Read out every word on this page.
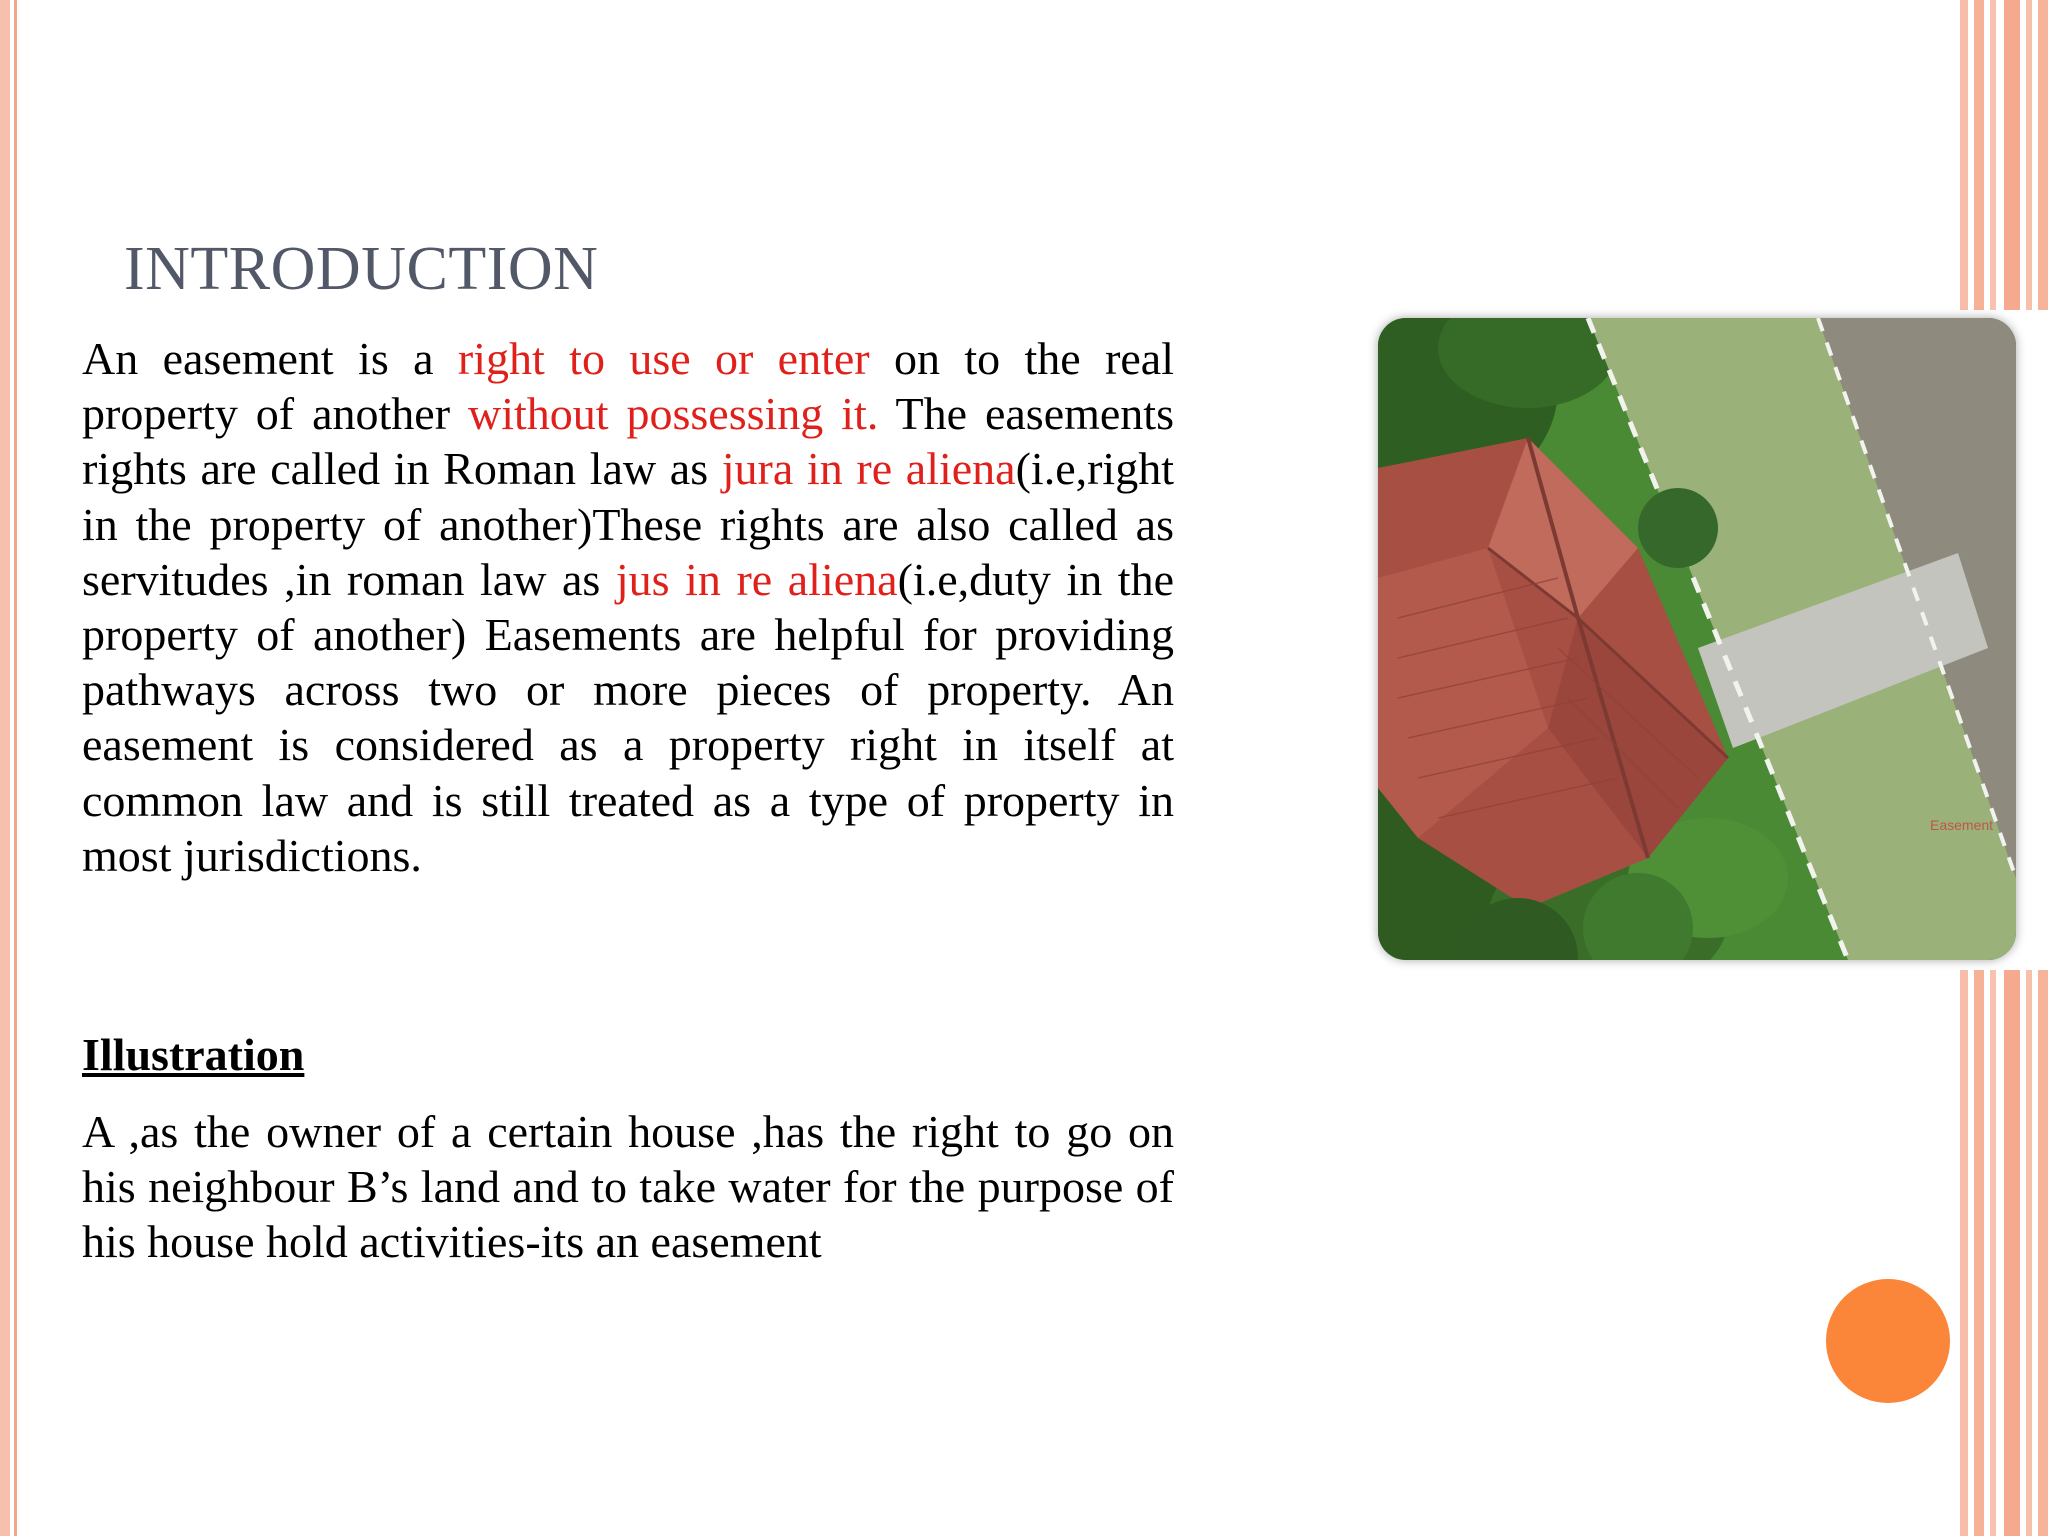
INTRODUCTION
An easement is a right to use or enter on to the real property of another without possessing it. The easements rights are called in Roman law as jura in re aliena(i.e,right in the property of another)These rights are also called as servitudes ,in roman law as jus in re aliena(i.e,duty in the property of another) Easements are helpful for providing pathways across two or more pieces of property. An easement is considered as a property right in itself at common law and is still treated as a type of property in most jurisdictions.
Illustration
A ,as the owner of a certain house ,has the right to go on his neighbour B’s land and to take water for the purpose of his house hold activities-its an easement
Easement
